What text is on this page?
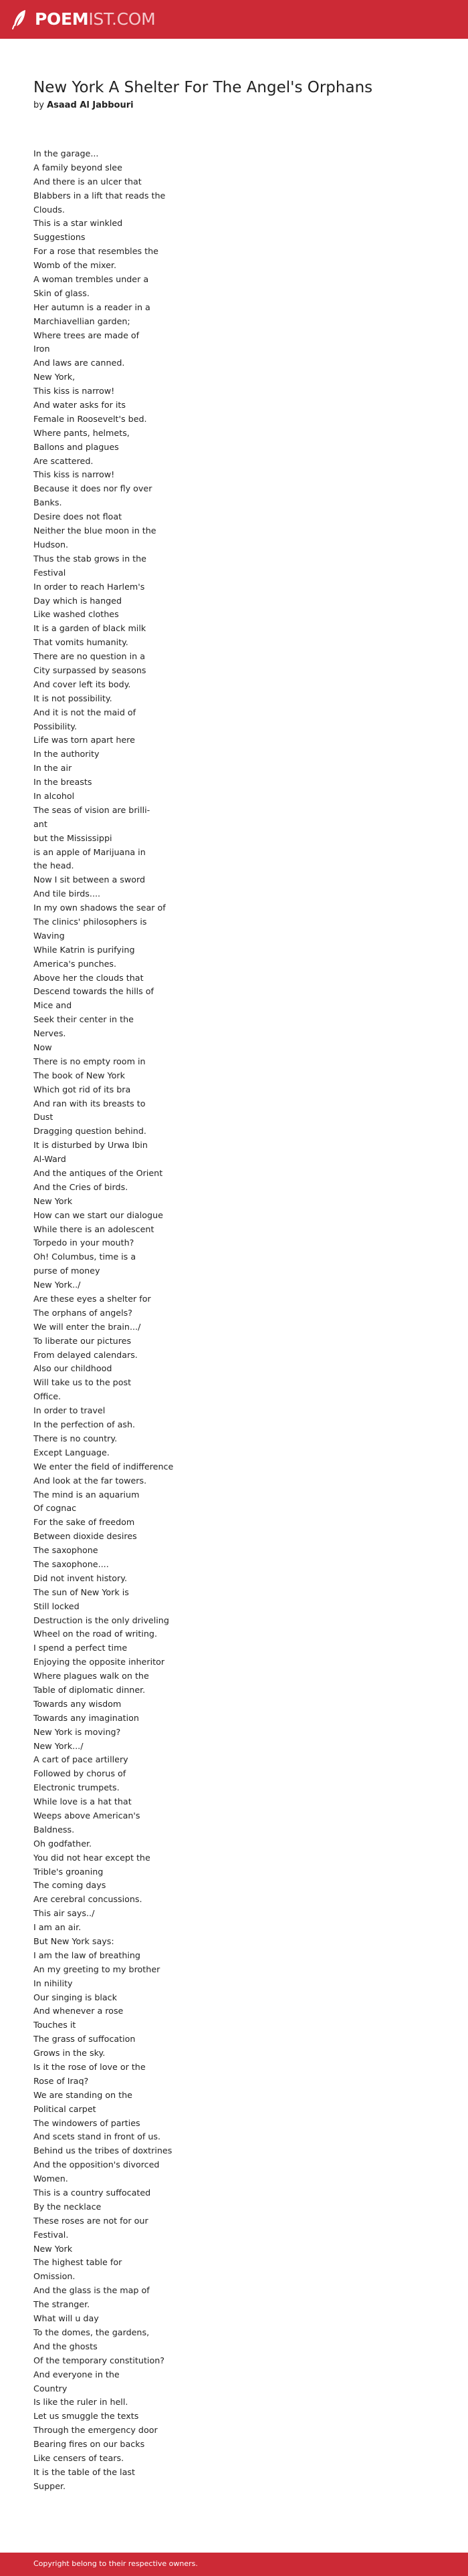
POEMIST.COM
New York A Shelter For The Angel's Orphans
by Asaad Al Jabbouri
In the garage...
A family beyond slee
And there is an ulcer that
Blabbers in a lift that reads the
Clouds.
This is a star winkled
Suggestions
For a rose that resembles the
Womb of the mixer.
A woman trembles under a
Skin of glass.
Her autumn is a reader in a
Marchiavellian garden;
Where trees are made of
Iron
And laws are canned.
New York,
This kiss is narrow!
And water asks for its
Female in Roosevelt's bed.
Where pants, helmets,
Ballons and plagues
Are scattered.
This kiss is narrow!
Because it does nor fly over
Banks.
Desire does not float
Neither the blue moon in the
Hudson.
Thus the stab grows in the
Festival
In order to reach Harlem's
Day which is hanged
Like washed clothes
It is a garden of black milk
That vomits humanity.
There are no question in a
City surpassed by seasons
And cover left its body.
It is not possibility.
And it is not the maid of
Possibility.
Life was torn apart here
In the authority
In the air
In the breasts
In alcohol
The seas of vision are brilli-
ant
but the Mississippi
is an apple of Marijuana in
the head.
Now I sit between a sword
And tile birds....
In my own shadows the sear of
The clinics' philosophers is
Waving
While Katrin is purifying
America's punches.
Above her the clouds that
Descend towards the hills of
Mice and
Seek their center in the
Nerves.
Now
There is no empty room in
The book of New York
Which got rid of its bra
And ran with its breasts to
Dust
Dragging question behind.
It is disturbed by Urwa Ibin
Al-Ward
And the antiques of the Orient
And the Cries of birds.
New York
How can we start our dialogue
While there is an adolescent
Torpedo in your mouth?
Oh! Columbus, time is a
purse of money
New York../
Are these eyes a shelter for
The orphans of angels?
We will enter the brain.../
To liberate our pictures
From delayed calendars.
Also our childhood
Will take us to the post
Office.
In order to travel
In the perfection of ash.
There is no country.
Except Language.
We enter the field of indifference
And look at the far towers.
The mind is an aquarium
Of cognac
For the sake of freedom
Between dioxide desires
The saxophone
The saxophone....
Did not invent history.
The sun of New York is
Still locked
Destruction is the only driveling
Wheel on the road of writing.
I spend a perfect time
Enjoying the opposite inheritor
Where plagues walk on the
Table of diplomatic dinner.
Towards any wisdom
Towards any imagination
New York is moving?
New York.../
A cart of pace artillery
Followed by chorus of
Electronic trumpets.
While love is a hat that
Weeps above American's
Baldness.
Oh godfather.
You did not hear except the
Trible's groaning
The coming days
Are cerebral concussions.
This air says../
I am an air.
But New York says:
I am the law of breathing
An my greeting to my brother
In nihility
Our singing is black
And whenever a rose
Touches it
The grass of suffocation
Grows in the sky.
Is it the rose of love or the
Rose of Iraq?
We are standing on the
Political carpet
The windowers of parties
And scets stand in front of us.
Behind us the tribes of doxtrines
And the opposition's divorced
Women.
This is a country suffocated
By the necklace
These roses are not for our
Festival.
New York
The highest table for
Omission.
And the glass is the map of
The stranger.
What will u day
To the domes, the gardens,
And the ghosts
Of the temporary constitution?
And everyone in the
Country
Is like the ruler in hell.
Let us smuggle the texts
Through the emergency door
Bearing fires on our backs
Like censers of tears.
It is the table of the last
Supper.
Copyright belong to their respective owners.
